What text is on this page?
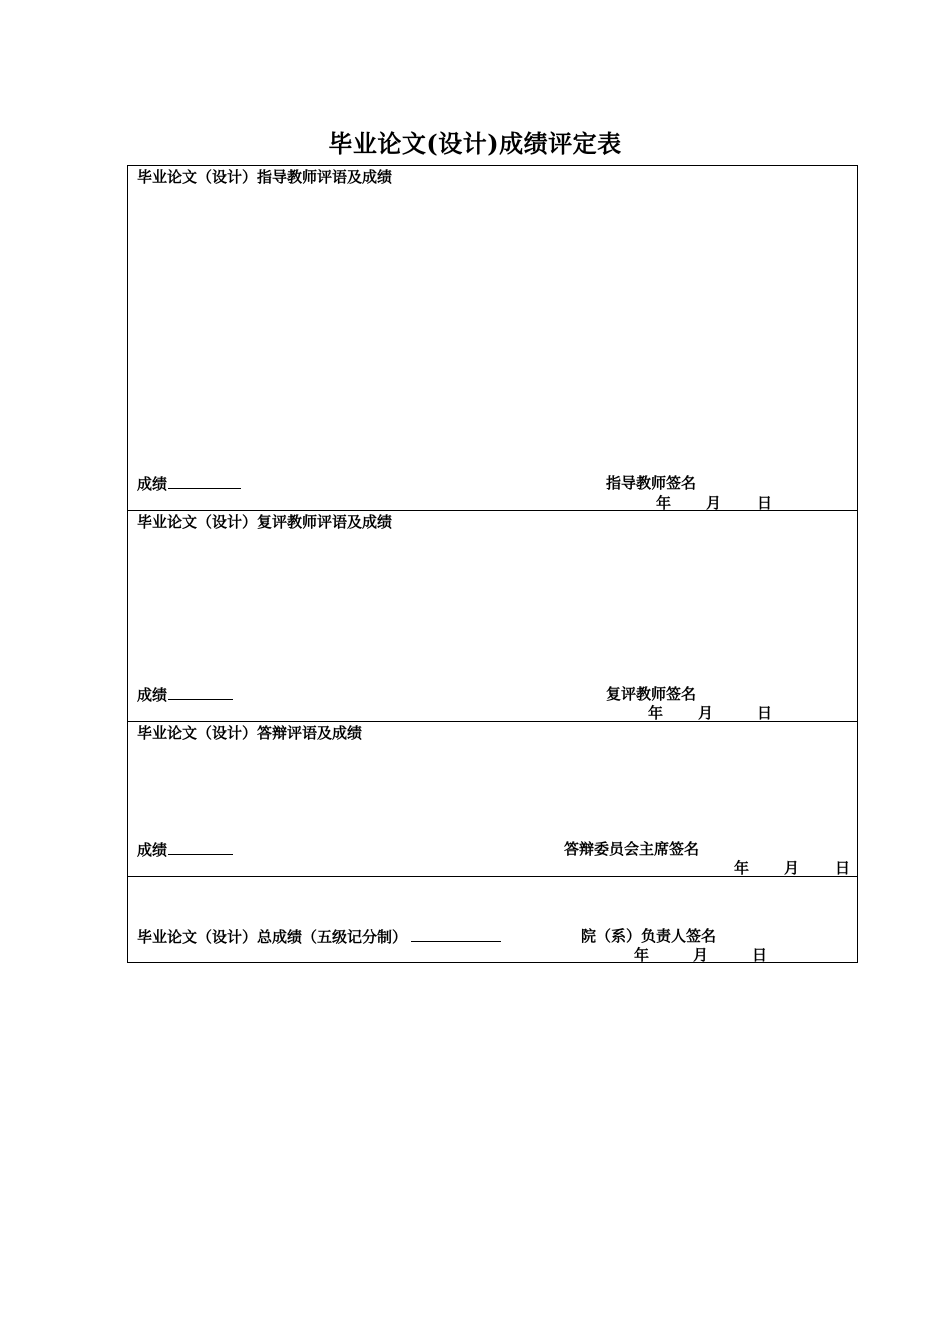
毕业论文(设计)成绩评定表
毕业论文（设计）指导教师评语及成绩
成绩	指导教师签名
年 月 日
毕业论文（设计）复评教师评语及成绩
成绩	复评教师签名
年 月	日
毕业论文（设计）答辩评语及成绩
成绩	答辩委员会主席签名
年 月 日
毕业论文（设计）总成绩（五级记分制）	院（系）负责人签名
年	月	日
